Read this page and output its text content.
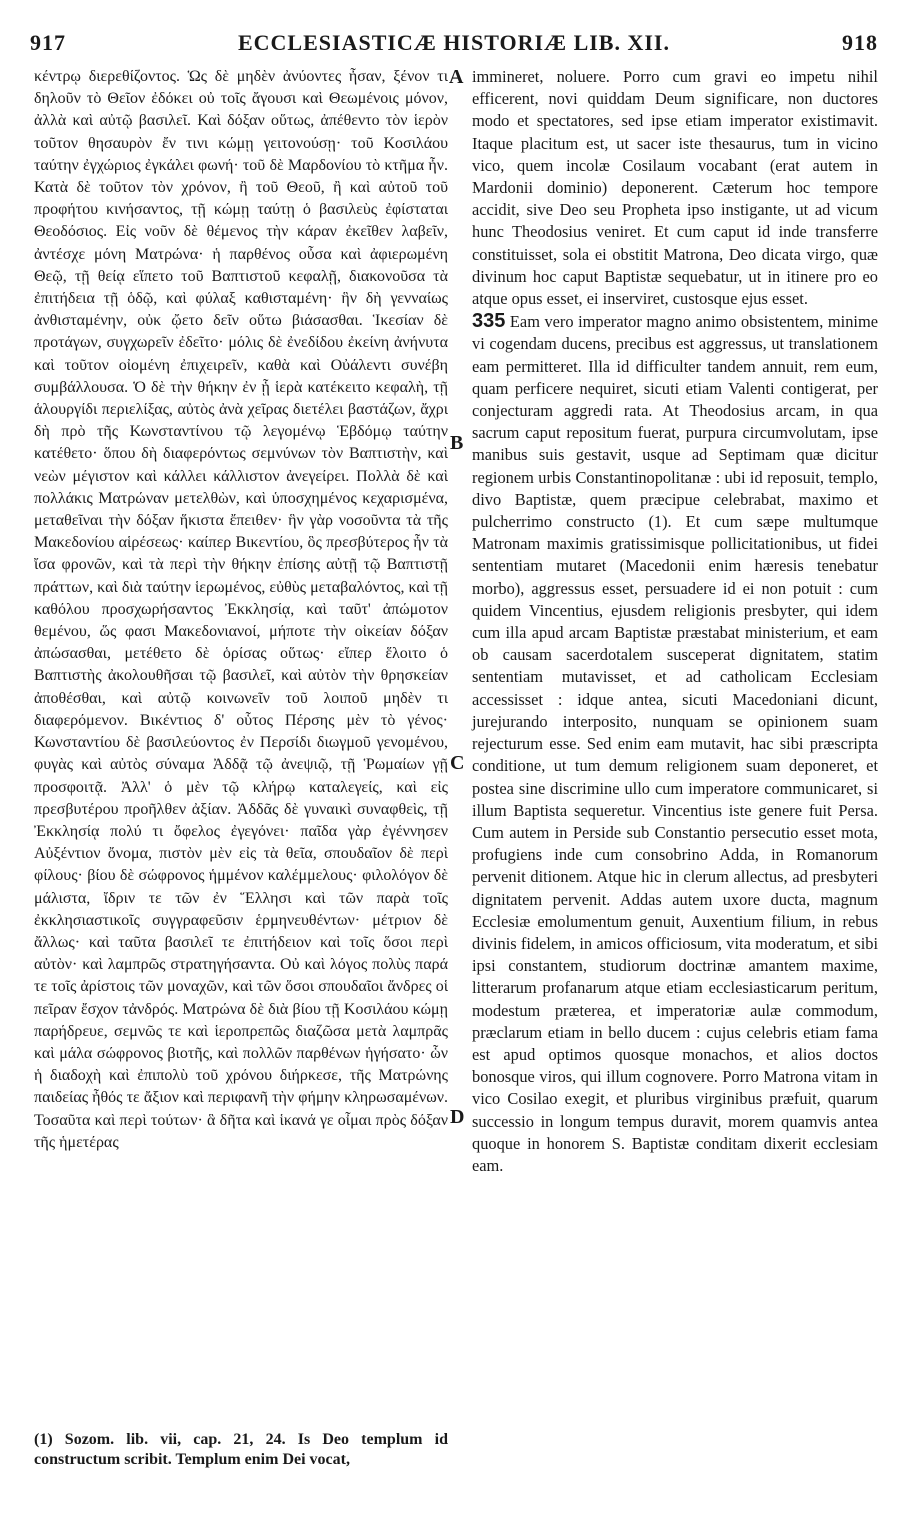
917	ECCLESIASTICÆ HISTORIÆ LIB. XII.	918

κέντρῳ διερεθίζοντος. Ὡς δὲ μηδὲν ἀνύοντες ἦσαν, ξένον τι δηλοῦν τὸ Θεῖον ἐδόκει οὐ τοῖς ἄγουσι καὶ Θεωμένοις μόνον, ἀλλὰ καὶ αὐτῷ βασιλεῖ. Καὶ δόξαν οὕτως, ἀπέθεντο τὸν ἱερὸν τοῦτον θησαυρὸν ἔν τινι κώμῃ γειτονούσῃ· τοῦ Κοσιλάου ταύτην ἐγχώριος ἐγκάλει φωνή· τοῦ δὲ Μαρδονίου τὸ κτῆμα ἦν. Κατὰ δὲ τοῦτον τὸν χρόνον, ἢ τοῦ Θεοῦ, ἢ καὶ αὐτοῦ τοῦ προφήτου κινήσαντος, τῇ κώμῃ ταύτῃ ὁ βασιλεὺς ἐφίσταται Θεοδόσιος. Εἰς νοῦν δὲ θέμενος τὴν κάραν ἐκεῖθεν λαβεῖν, ἀντέσχε μόνη Ματρώνα· ἡ παρθένος οὖσα καὶ ἀφιερωμένη Θεῷ, τῇ θείᾳ εἵπετο τοῦ Βαπτιστοῦ κεφαλῇ, διακονοῦσα τὰ ἐπιτήδεια τῇ ὁδῷ, καὶ φύλαξ καθισταμένη· ἣν δὴ γενναίως ἀνθισταμένην, οὐκ ᾤετο δεῖν οὕτω βιάσασθαι. Ἱκεσίαν δὲ προτάγων, συγχωρεῖν ἐδεῖτο· μόλις δὲ ἐνεδίδου ἐκείνη ἀνήνυτα καὶ τοῦτον οἰομένη ἐπιχειρεῖν, καθὰ καὶ Οὐάλεντι συνέβη συμβάλλουσα. Ὁ δὲ τὴν θήκην ἐν ᾗ ἱερὰ κατέκειτο κεφαλὴ, τῇ ἁλουργίδι περιελίξας, αὐτὸς ἀνὰ χεῖρας διετέλει βαστάζων, ἄχρι δὴ πρὸ τῆς Κωνσταντίνου τῷ λεγομένῳ Ἑβδόμῳ ταύτην κατέθετο· ὅπου δὴ διαφερόντως σεμνύνων τὸν Βαπτιστὴν, καὶ νεὼν μέγιστον καὶ κάλλει κάλλιστον ἀνεγείρει. Πολλὰ δὲ καὶ πολλάκις Ματρώναν μετελθὼν, καὶ ὑποσχημένος κεχαρισμένα, μεταθεῖναι τὴν δόξαν ἥκιστα ἔπειθεν· ἣν γὰρ νοσοῦντα τὰ τῆς Μακεδονίου αἱρέσεως· καίπερ Βικεντίου, ὃς πρεσβύτερος ἦν τὰ ἴσα φρονῶν, καὶ τὰ περὶ τὴν θήκην ἐπίσης αὐτῇ τῷ Βαπτιστῇ πράττων, καὶ διὰ ταύτην ἱερωμένος, εὐθὺς μεταβαλόντος, καὶ τῇ καθόλου προσχωρήσαντος Ἐκκλησίᾳ, καὶ ταῦτ' ἀπώμοτον θεμένου, ὥς φασι Μακεδονιανοί, μήποτε τὴν οἰκείαν δόξαν ἀπώσασθαι, μετέθετο δὲ ὁρίσας οὕτως· εἴπερ ἕλοιτο ὁ Βαπτιστὴς ἀκολουθῆσαι τῷ βασιλεῖ, καὶ αὐτὸν τὴν θρησκείαν ἀποθέσθαι, καὶ αὐτῷ κοινωνεῖν τοῦ λοιποῦ μηδὲν τι διαφερόμενον. Βικέντιος δ' οὗτος Πέρσης μὲν τὸ γένος· Κωνσταντίου δὲ βασιλεύοντος ἐν Περσίδι διωγμοῦ γενομένου, φυγὰς καὶ αὐτὸς σύναμα Ἀδδᾷ τῷ ἀνεψιῷ, τῇ Ῥωμαίων γῇ προσφοιτᾷ. Ἀλλ' ὁ μὲν τῷ κλήρῳ καταλεγείς, καὶ εἰς πρεσβυτέρου προῆλθεν ἀξίαν. Ἀδδᾶς δὲ γυναικὶ συναφθεὶς, τῇ Ἐκκλησίᾳ πολύ τι ὄφελος ἐγεγόνει· παῖδα γὰρ ἐγέννησεν Αὐξέντιον ὄνομα, πιστὸν μὲν εἰς τὰ θεῖα, σπουδαῖον δὲ περὶ φίλους· βίου δὲ σώφρονος ἡμμένον καλέμμελους· φιλολόγον δὲ μάλιστα, ἴδριν τε τῶν ἐν Ἕλλησι καὶ τῶν παρὰ τοῖς ἐκκλησιαστικοῖς συγγραφεῦσιν ἑρμηνευθέντων· μέτριον δὲ ἄλλως· καὶ ταῦτα βασιλεῖ τε ἐπιτήδειον καὶ τοῖς ὅσοι περὶ αὐτὸν· καὶ λαμπρῶς στρατηγήσαντα. Οὐ καὶ λόγος πολὺς παρά τε τοῖς ἀρίστοις τῶν μοναχῶν, καὶ τῶν ὅσοι σπουδαῖοι ἄνδρες οἱ πεῖραν ἔσχον τἀνδρός. Ματρώνα δὲ διὰ βίου τῇ Κοσιλάου κώμῃ παρήδρευε, σεμνῶς τε καὶ ἱεροπρεπῶς διαζῶσα μετὰ λαμπρᾶς καὶ μάλα σώφρονος βιοτῆς, καὶ πολλῶν παρθένων ἡγήσατο· ὧν ἡ διαδοχὴ καὶ ἐπιπολὺ τοῦ χρόνου διήρκεσε, τῆς Ματρώνης παιδείας ἦθός τε ἄξιον καὶ περιφανῆ τὴν φήμην κληρωσαμένων. Τοσαῦτα καὶ περὶ τούτων· ἃ δῆτα καὶ ἱκανά γε οἶμαι πρὸς δόξαν τῆς ἡμετέρας

A
B
C
D

immineret, noluere. Porro cum gravi eo impetu nihil efficerent, novi quiddam Deum significare, non ductores modo et spectatores, sed ipse etiam imperator existimavit. Itaque placitum est, ut sacer iste thesaurus, tum in vicino vico, quem incolæ Cosilaum vocabant (erat autem in Mardonii dominio) deponerent. Cæterum hoc tempore accidit, sive Deo seu Propheta ipso instigante, ut ad vicum hunc Theodosius veniret. Et cum caput id inde transferre constituisset, sola ei obstitit Matrona, Deo dicata virgo, quæ divinum hoc caput Baptistæ sequebatur, ut in itinere pro eo atque opus esset, ei inserviret, custosque ejus esset.

335 Eam vero imperator magno animo obsistentem, minime vi cogendam ducens, precibus est aggressus, ut translationem eam permitteret. Illa id difficulter tandem annuit, rem eum, quam perficere nequiret, sicuti etiam Valenti contigerat, per conjecturam aggredi rata. At Theodosius arcam, in qua sacrum caput repositum fuerat, purpura circumvolutam, ipse manibus suis gestavit, usque ad Septimam quæ dicitur regionem urbis Constantinopolitanæ : ubi id reposuit, templo, divo Baptistæ, quem præcipue celebrabat, maximo et pulcherrimo constructo (1). Et cum sæpe multumque Matronam maximis gratissimisque pollicitationibus, ut fidei sententiam mutaret (Macedonii enim hæresis tenebatur morbo), aggressus esset, persuadere id ei non potuit : cum quidem Vincentius, ejusdem religionis presbyter, qui idem cum illa apud arcam Baptistæ præstabat ministerium, et eam ob causam sacerdotalem susceperat dignitatem, statim sententiam mutavisset, et ad catholicam Ecclesiam accessisset : idque antea, sicuti Macedoniani dicunt, jurejurando interposito, nunquam se opinionem suam rejecturum esse. Sed enim eam mutavit, hac sibi præscripta conditione, ut tum demum religionem suam deponeret, et postea sine discrimine ullo cum imperatore communicaret, si illum Baptista sequeretur. Vincentius iste genere fuit Persa. Cum autem in Perside sub Constantio persecutio esset mota, profugiens inde cum consobrino Adda, in Romanorum pervenit ditionem. Atque hic in clerum allectus, ad presbyteri dignitatem pervenit. Addas autem uxore ducta, magnum Ecclesiæ emolumentum genuit, Auxentium filium, in rebus divinis fidelem, in amicos officiosum, vita moderatum, et sibi ipsi constantem, studiorum doctrinæ amantem maxime, litterarum profanarum atque etiam ecclesiasticarum peritum, modestum præterea, et imperatoriæ aulæ commodum, præclarum etiam in bello ducem : cujus celebris etiam fama est apud optimos quosque monachos, et alios doctos bonosque viros, qui illum cognovere. Porro Matrona vitam in vico Cosilao exegit, et pluribus virginibus præfuit, quarum successio in longum tempus duravit, morem quamvis antea quoque in honorem S. Baptistæ conditam dixerit ecclesiam eam.

(1) Sozom. lib. vii, cap. 21, 24. Is Deo templum id constructum scribit. Templum enim Dei vocat,
